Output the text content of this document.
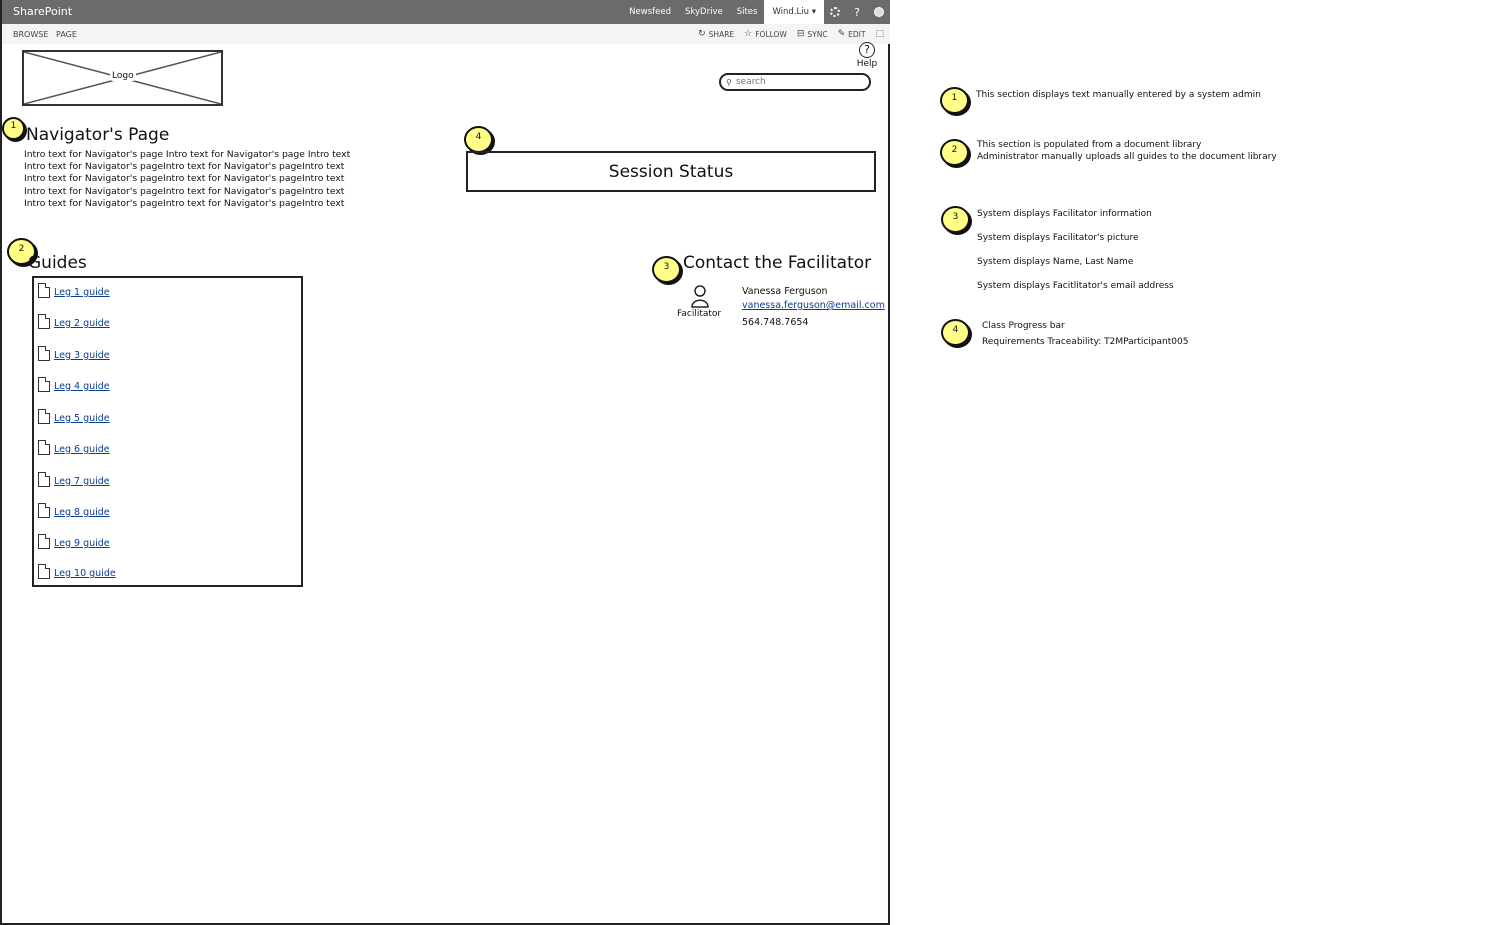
SharePoint	Newsfeed	SkyDrive	Sites	Wind.Liu ▾	?
BROWSE PAGE	↻ SHARE ☆ FOLLOW ⊟ SYNC ✎ EDIT ⬚
Logo
?
Help
⚲
search
1 Navigator's Page
Intro text for Navigator's page Intro text for Navigator's page Intro text
Intro text for Navigator's pageIntro text for Navigator's pageIntro text
Intro text for Navigator's pageIntro text for Navigator's pageIntro text
Intro text for Navigator's pageIntro text for Navigator's pageIntro text
Intro text for Navigator's pageIntro text for Navigator's pageIntro text
4
Session Status
2
Guides
Leg 1 guide
Leg 2 guide
Leg 3 guide
Leg 4 guide
Leg 5 guide
Leg 6 guide
Leg 7 guide
Leg 8 guide
Leg 9 guide
Leg 10 guide
3 Contact the Facilitator
Facilitator
Vanessa Ferguson
vanessa.ferguson@email.com
564.748.7654
1	This section displays text manually entered by a system admin
2	This section is populated from a document library
Administrator manually uploads all guides to the document library
3	System displays Facilitator information
System displays Facilitator's picture
System displays Name, Last Name
System displays Facitlitator's email address
4	Class Progress bar
Requirements Traceability: T2MParticipant005
